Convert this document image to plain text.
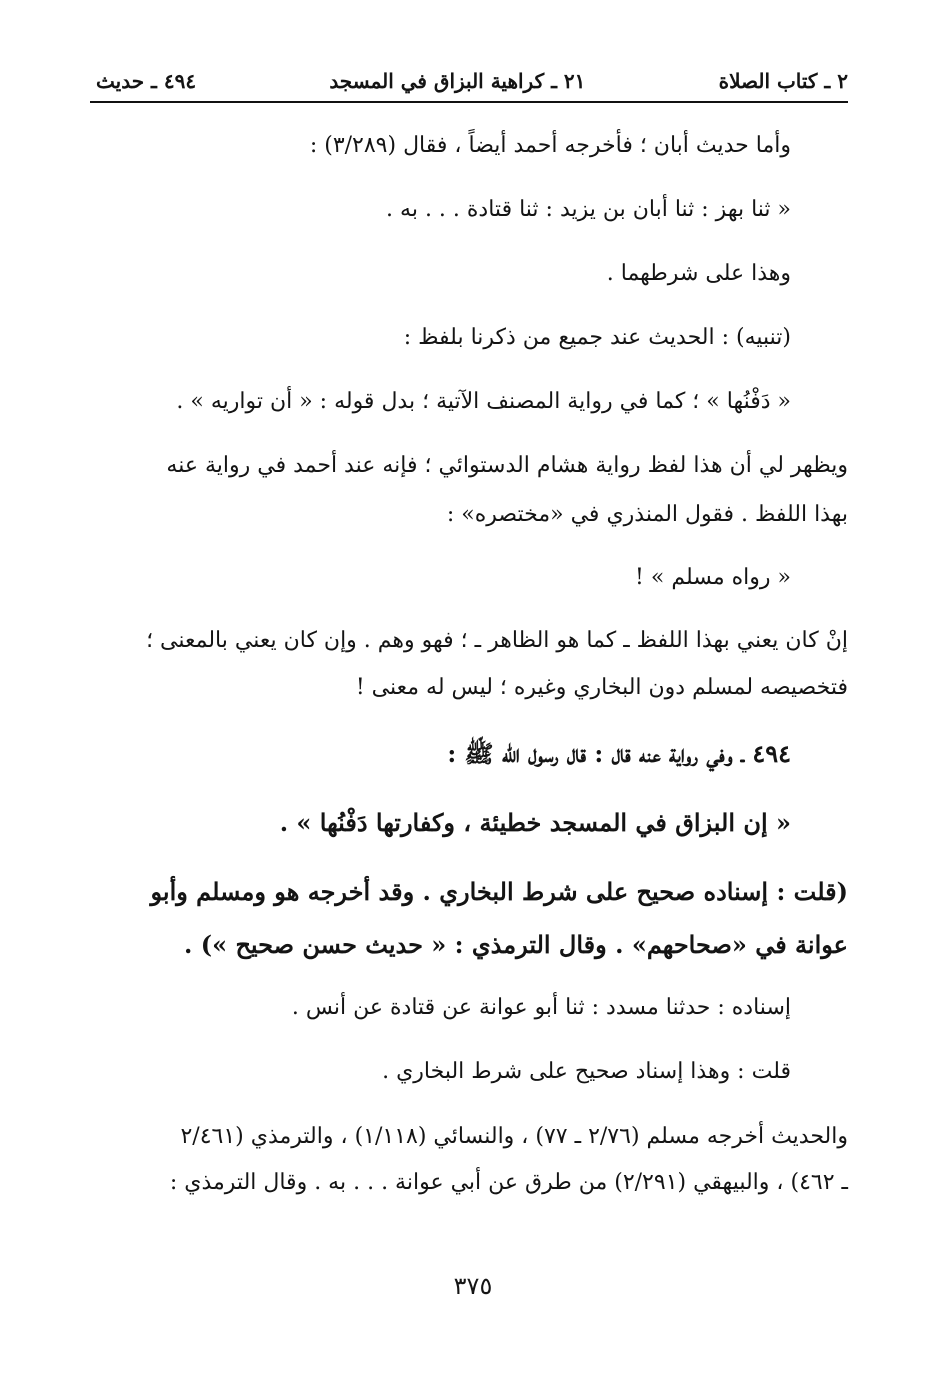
٢ ـ كتاب الصلاة
٢١ ـ كراهية البزاق في المسجد
٤٩٤ ـ حديث
وأما حديث أبان ؛ فأخرجه أحمد أيضاً ، فقال (٣/٢٨٩) :
« ثنا بهز : ثنا أبان بن يزيد : ثنا قتادة . . . به .
وهذا على شرطهما .
(تنبيه) : الحديث عند جميع من ذكرنا بلفظ :
« دَفْنُها » ؛ كما في رواية المصنف الآتية ؛ بدل قوله : « أن تواريه » .
ويظهر لي أن هذا لفظ رواية هشام الدستوائي ؛ فإنه عند أحمد في رواية عنه
بهذا اللفظ . فقول المنذري في «مختصره» :
« رواه مسلم » !
إنْ كان يعني بهذا اللفظ ـ كما هو الظاهر ـ ؛ فهو وهم . وإن كان يعني بالمعنى ؛
فتخصيصه لمسلم دون البخاري وغيره ؛ ليس له معنى !
٤٩٤ ـ وفي رواية عنه قال : قال رسول الله ﷺ :
« إن البزاق في المسجد خطيئة ، وكفارتها دَفْنُها » .
(قلت : إسناده صحيح على شرط البخاري . وقد أخرجه هو ومسلم وأبو
عوانة في «صحاحهم» . وقال الترمذي : « حديث حسن صحيح ») .
إسناده : حدثنا مسدد : ثنا أبو عوانة عن قتادة عن أنس .
قلت : وهذا إسناد صحيح على شرط البخاري .
والحديث أخرجه مسلم (٢/٧٦ ـ ٧٧) ، والنسائي (١/١١٨) ، والترمذي (٢/٤٦١
ـ ٤٦٢) ، والبيهقي (٢/٢٩١) من طرق عن أبي عوانة . . . به . وقال الترمذي :
٣٧٥
